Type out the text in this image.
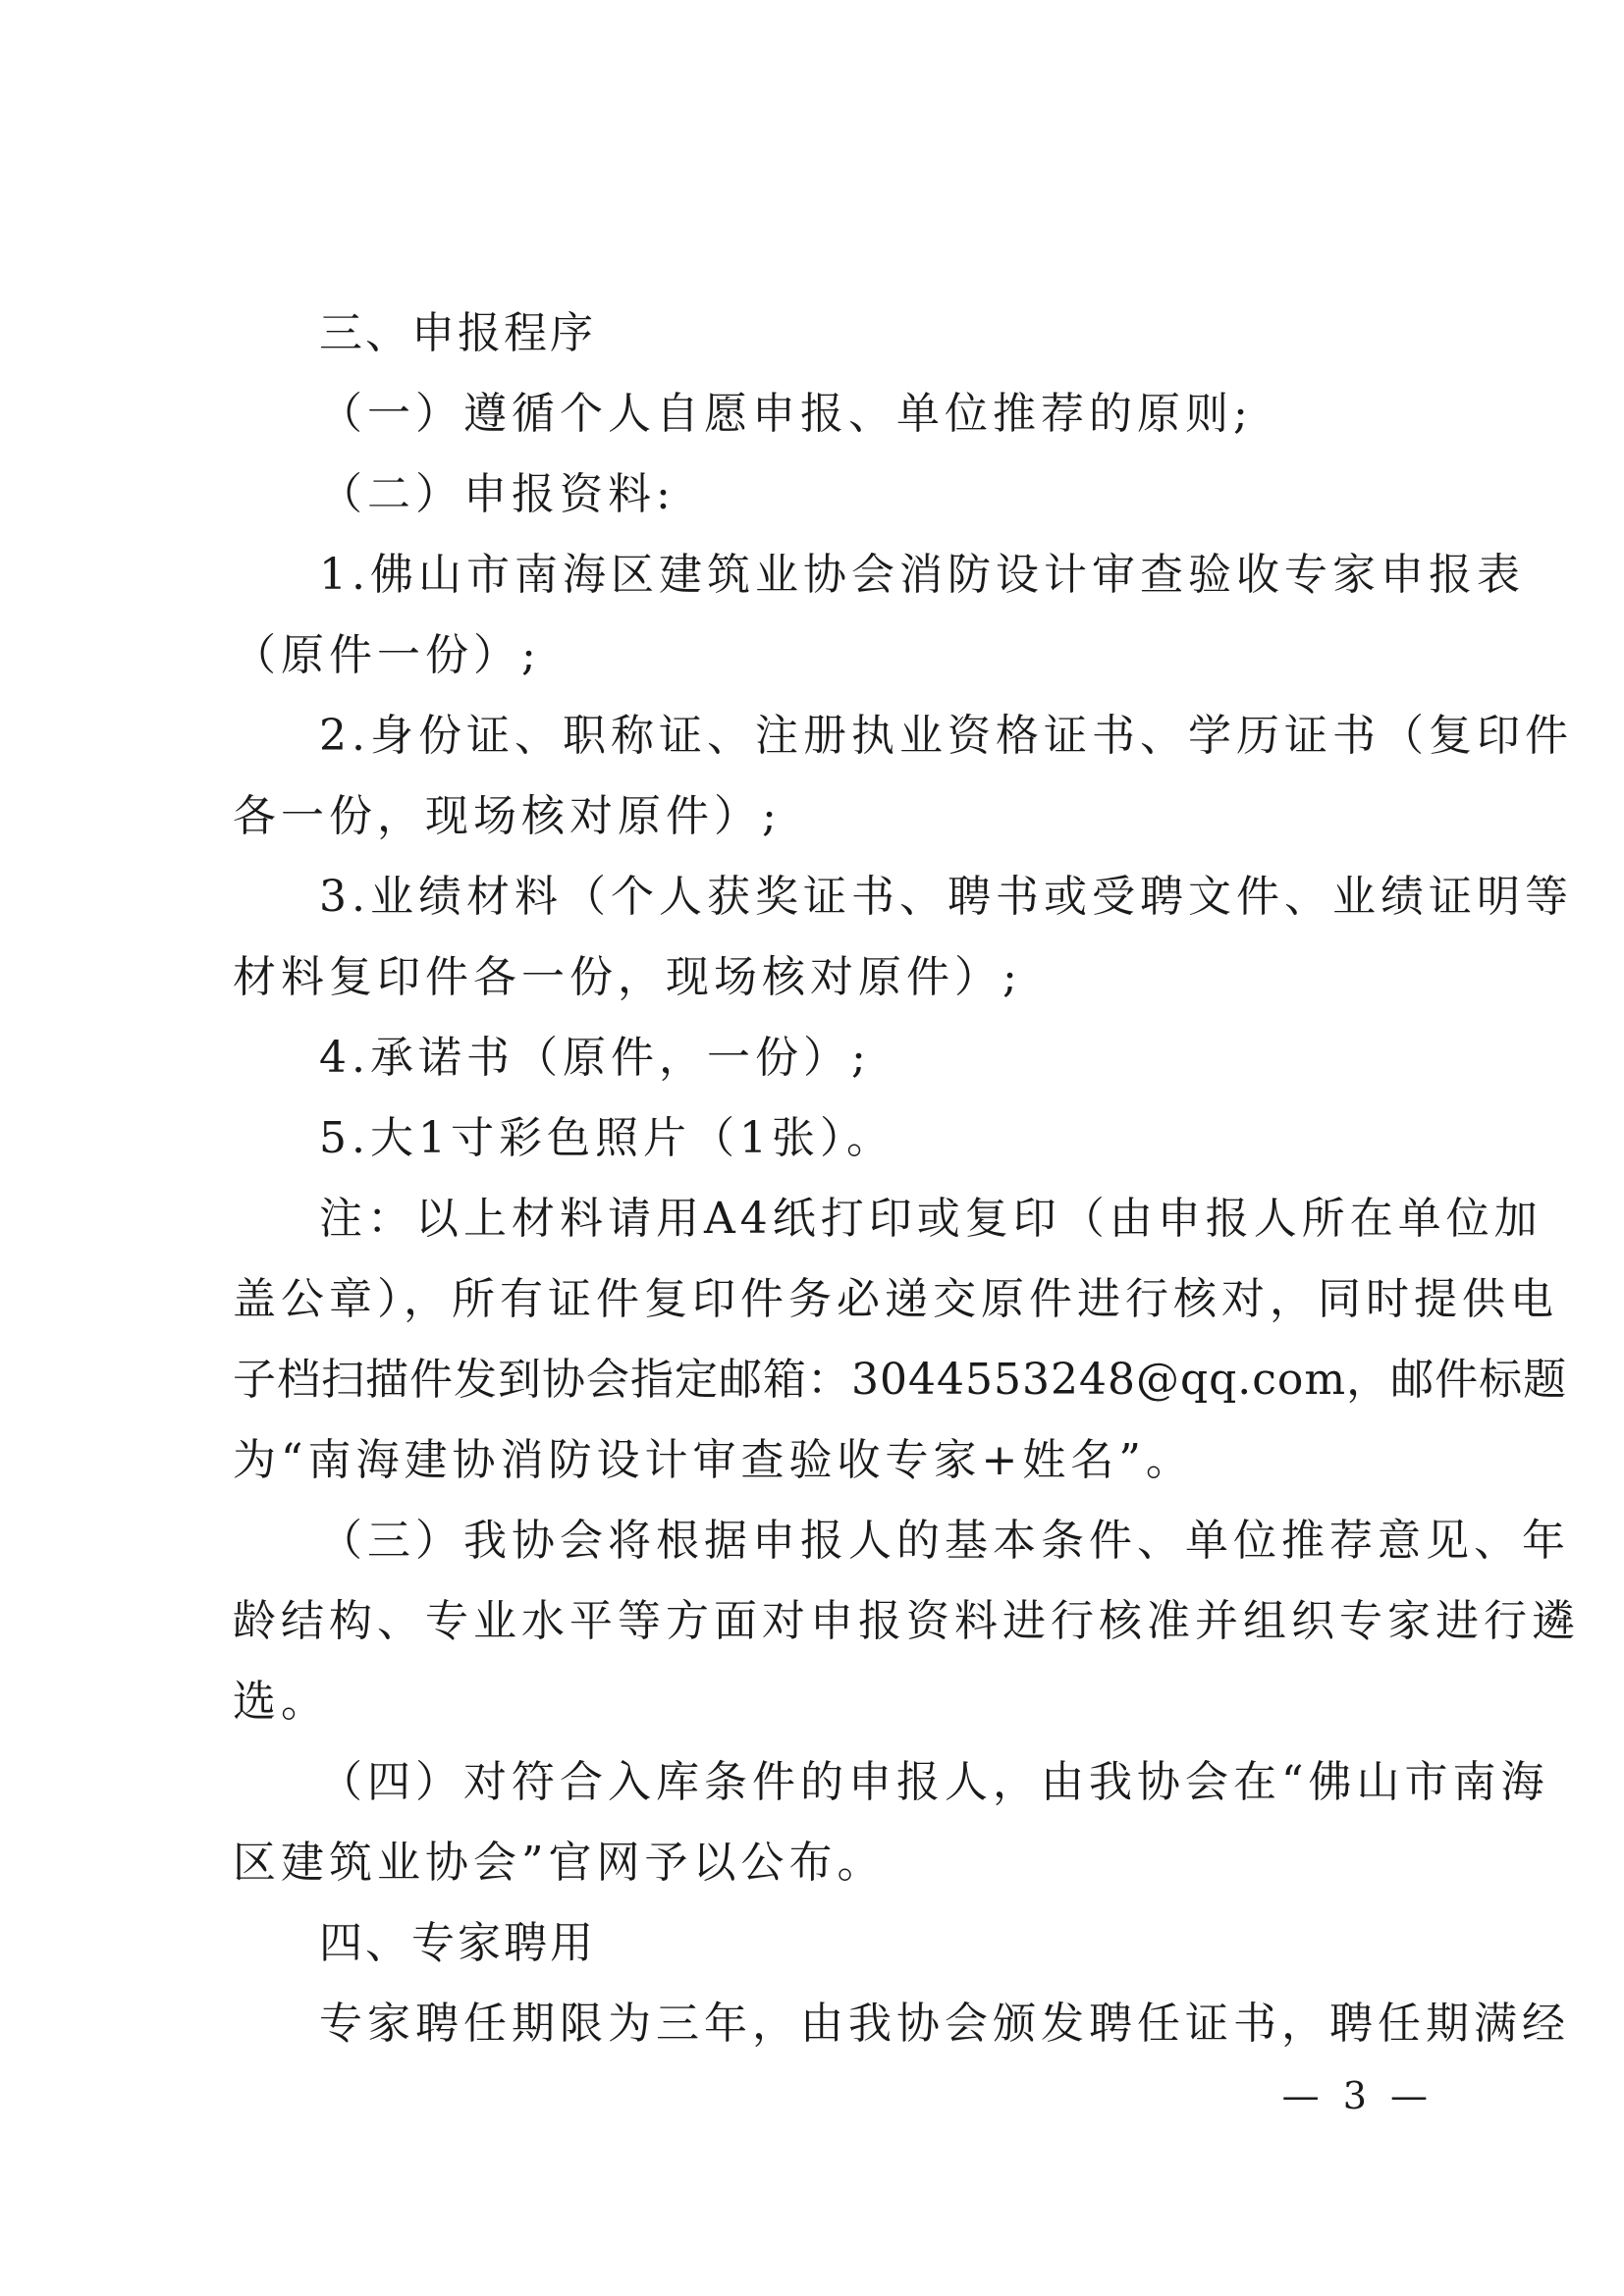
三、申报程序
（一）遵循个人自愿申报、单位推荐的原则;
（二）申报资料:
1.佛山市南海区建筑业协会消防设计审查验收专家申报表
（原件一份）;
2.身份证、职称证、注册执业资格证书、学历证书（复印件
各一份，现场核对原件）;
3.业绩材料（个人获奖证书、聘书或受聘文件、业绩证明等
材料复印件各一份，现场核对原件）;
4.承诺书（原件，一份）;
5.大1寸彩色照片（1张）。
注：以上材料请用A4纸打印或复印（由申报人所在单位加
盖公章），所有证件复印件务必递交原件进行核对，同时提供电
子档扫描件发到协会指定邮箱：3044553248@qq.com，邮件标题
为“南海建协消防设计审查验收专家+姓名”。
（三）我协会将根据申报人的基本条件、单位推荐意见、年
龄结构、专业水平等方面对申报资料进行核准并组织专家进行遴
选。
（四）对符合入库条件的申报人，由我协会在“佛山市南海
区建筑业协会”官网予以公布。
四、专家聘用
专家聘任期限为三年，由我协会颁发聘任证书，聘任期满经
— 3 —
